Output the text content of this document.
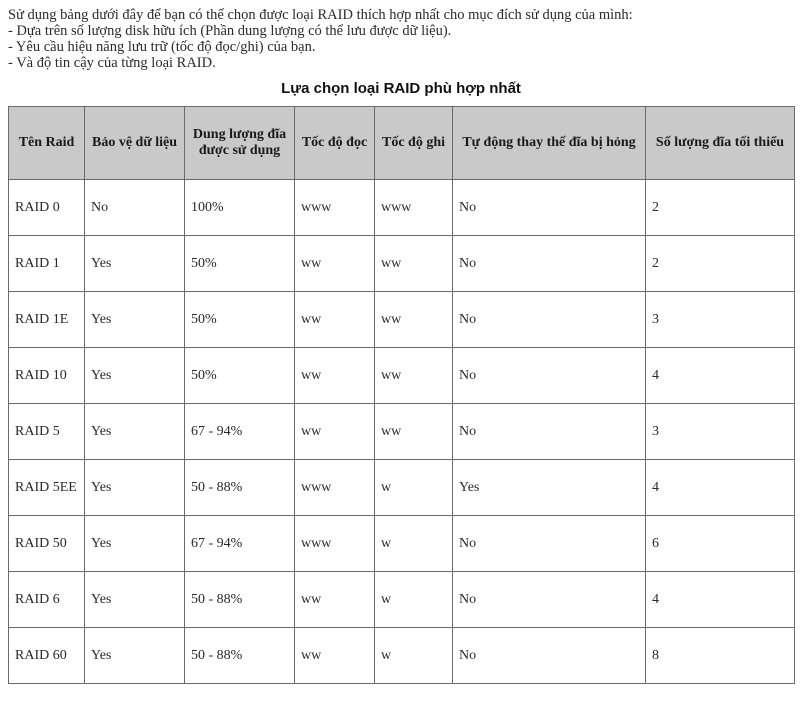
Sử dụng bảng dưới đây để bạn có thể chọn được loại RAID thích hợp nhất cho mục đích sử dụng của mình:
- Dựa trên số lượng disk hữu ích (Phần dung lượng có thể lưu được dữ liệu).
- Yêu cầu hiệu năng lưu trữ (tốc độ đọc/ghi) của bạn.
- Và độ tin cậy của từng loại RAID.
Lựa chọn loại RAID phù hợp nhất
Tên Raid	Bảo vệ dữ liệu	Dung lượng đĩa được sử dụng	Tốc độ đọc	Tốc độ ghi	Tự động thay thế đĩa bị hỏng	Số lượng đĩa tối thiểu
RAID 0	No	100%	www	www	No	2
RAID 1	Yes	50%	ww	ww	No	2
RAID 1E	Yes	50%	ww	ww	No	3
RAID 10	Yes	50%	ww	ww	No	4
RAID 5	Yes	67 - 94%	ww	ww	No	3
RAID 5EE	Yes	50 - 88%	www	w	Yes	4
RAID 50	Yes	67 - 94%	www	w	No	6
RAID 6	Yes	50 - 88%	ww	w	No	4
RAID 60	Yes	50 - 88%	ww	w	No	8
